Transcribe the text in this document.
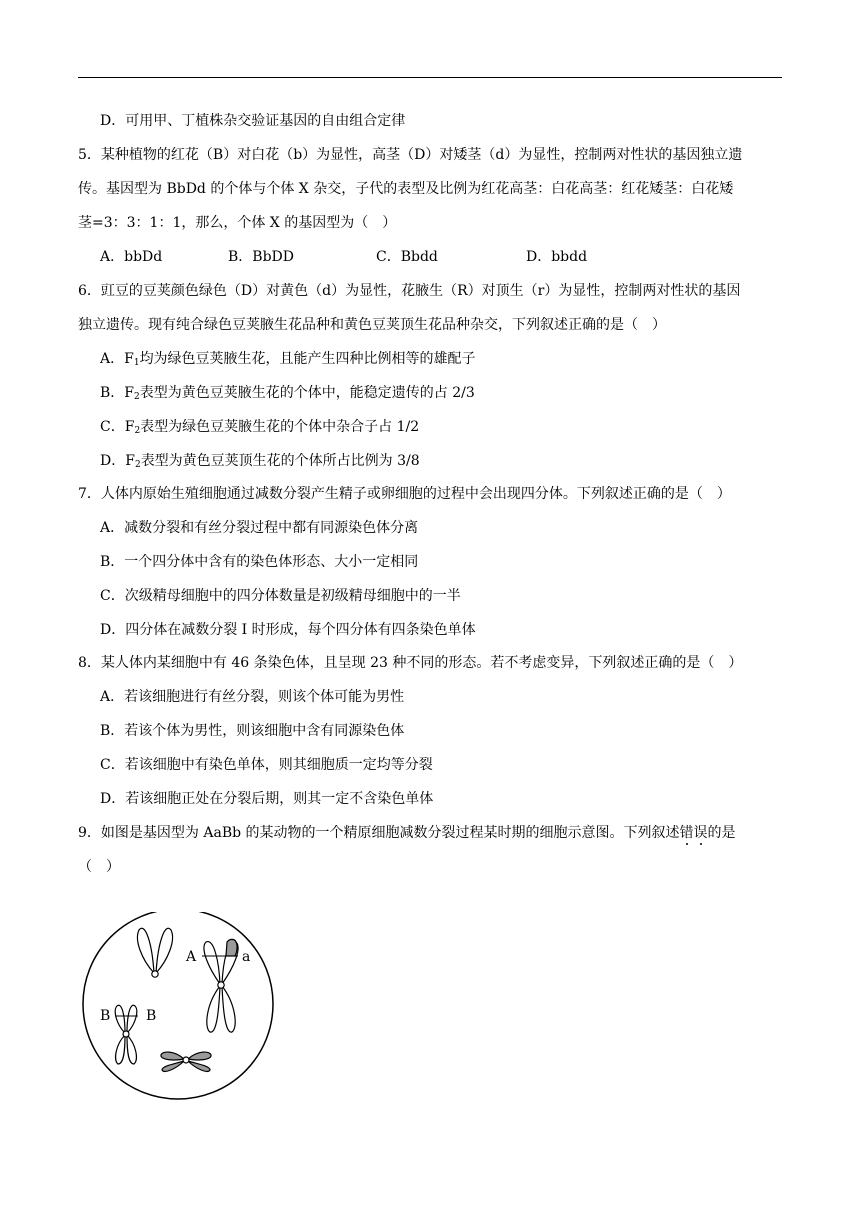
D．可用甲、丁植株杂交验证基因的自由组合定律
5．某种植物的红花（B）对白花（b）为显性，高茎（D）对矮茎（d）为显性，控制两对性状的基因独立遗
传。基因型为 BbDd 的个体与个体 X 杂交，子代的表型及比例为红花高茎：白花高茎：红花矮茎：白花矮
茎=3：3：1：1，那么，个体 X 的基因型为（　）
A．bbDd	B．BbDD	C．Bbdd	D．bbdd
6．豇豆的豆荚颜色绿色（D）对黄色（d）为显性，花腋生（R）对顶生（r）为显性，控制两对性状的基因
独立遗传。现有纯合绿色豆荚腋生花品种和黄色豆荚顶生花品种杂交，下列叙述正确的是（　）
A．$F_1$均为绿色豆荚腋生花，且能产生四种比例相等的雄配子
B．$F_2$表型为黄色豆荚腋生花的个体中，能稳定遗传的占 2/3
C．$F_2$表型为绿色豆荚腋生花的个体中杂合子占 1/2
D．$F_2$表型为黄色豆荚顶生花的个体所占比例为 3/8
7．人体内原始生殖细胞通过减数分裂产生精子或卵细胞的过程中会出现四分体。下列叙述正确的是（　）
A．减数分裂和有丝分裂过程中都有同源染色体分离
B．一个四分体中含有的染色体形态、大小一定相同
C．次级精母细胞中的四分体数量是初级精母细胞中的一半
D．四分体在减数分裂 I 时形成，每个四分体有四条染色单体
8．某人体内某细胞中有 46 条染色体，且呈现 23 种不同的形态。若不考虑变异，下列叙述正确的是（　）
A．若该细胞进行有丝分裂，则该个体可能为男性
B．若该个体为男性，则该细胞中含有同源染色体
C．若该细胞中有染色单体，则其细胞质一定均等分裂
D．若该细胞正处在分裂后期，则其一定不含染色单体
9．如图是基因型为 AaBb 的某动物的一个精原细胞减数分裂过程某时期的细胞示意图。下列叙述错误的是
（　）
A	a
B	B
